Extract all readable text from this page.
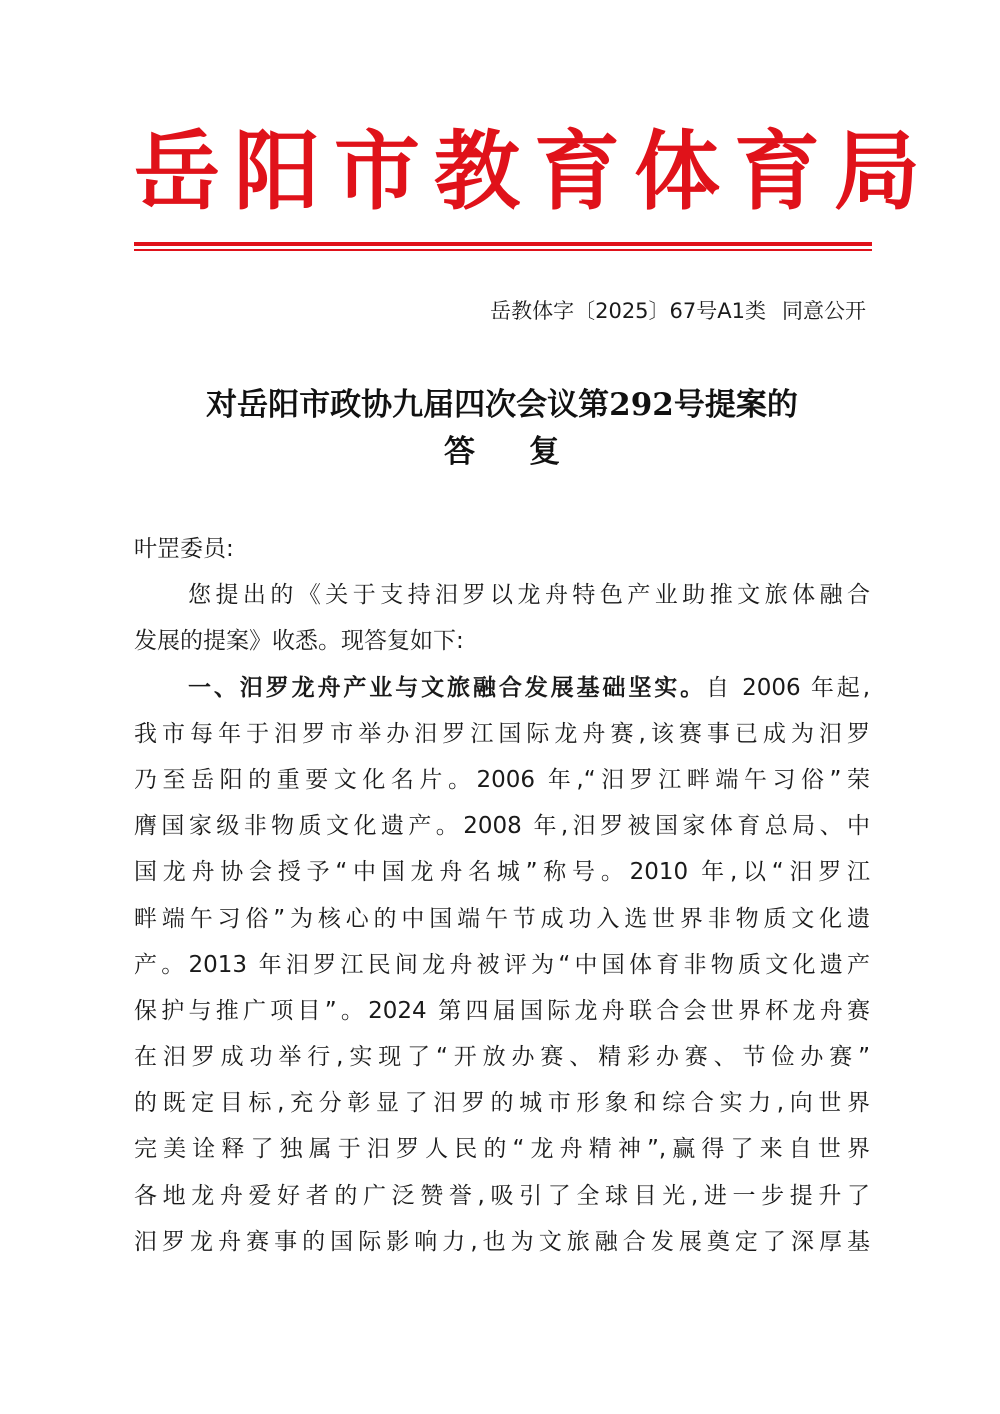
岳阳市教育体育局
岳教体字〔2025〕67号A1类 同意公开
对岳阳市政协九届四次会议第292号提案的
答复
叶罡委员:
您提出的《关于支持汨罗以龙舟特色产业助推文旅体融合
发展的提案》收悉。现答复如下:
一、汨罗龙舟产业与文旅融合发展基础坚实。自 2006 年起,
我市每年于汨罗市举办汨罗江国际龙舟赛,该赛事已成为汨罗
乃至岳阳的重要文化名片。2006 年,“汨罗江畔端午习俗”荣
膺国家级非物质文化遗产。2008 年,汨罗被国家体育总局、中
国龙舟协会授予“中国龙舟名城”称号。2010 年,以“汨罗江
畔端午习俗”为核心的中国端午节成功入选世界非物质文化遗
产。2013 年汨罗江民间龙舟被评为“中国体育非物质文化遗产
保护与推广项目”。2024 第四届国际龙舟联合会世界杯龙舟赛
在汨罗成功举行,实现了“开放办赛、精彩办赛、节俭办赛”
的既定目标,充分彰显了汨罗的城市形象和综合实力,向世界
完美诠释了独属于汨罗人民的“龙舟精神”,赢得了来自世界
各地龙舟爱好者的广泛赞誉,吸引了全球目光,进一步提升了
汨罗龙舟赛事的国际影响力,也为文旅融合发展奠定了深厚基
